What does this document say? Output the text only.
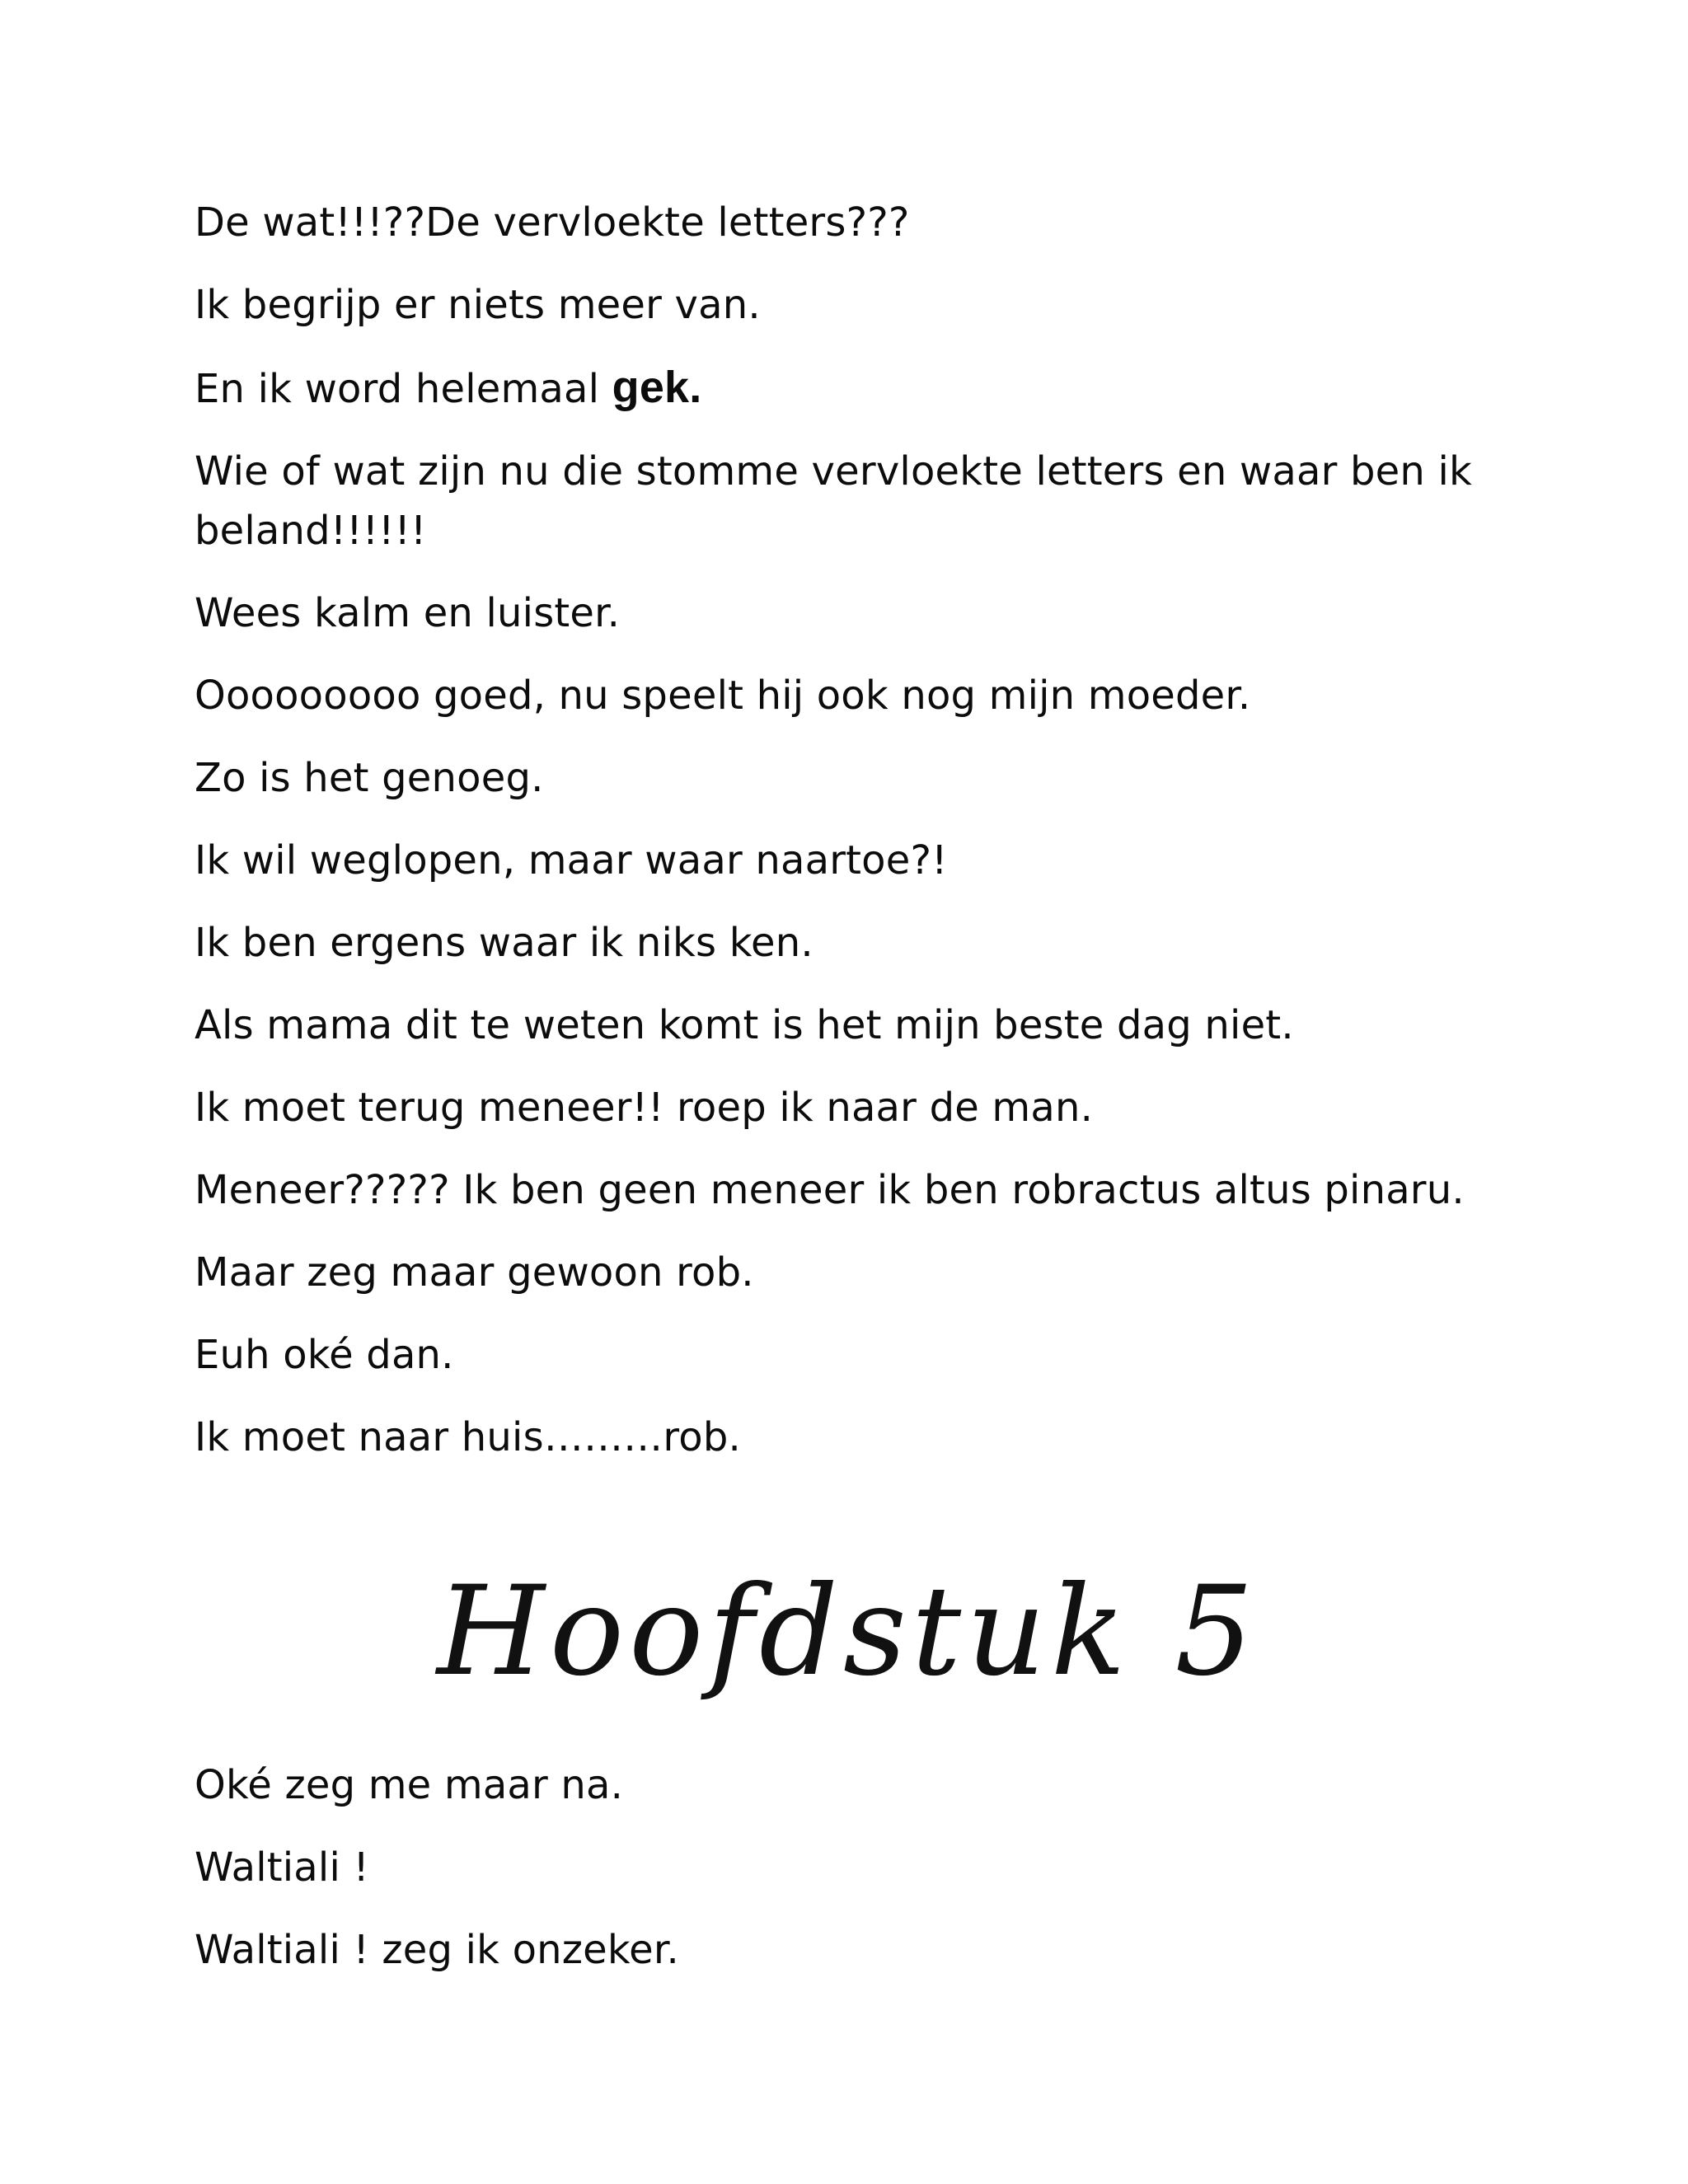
De wat!!!??De vervloekte letters???

Ik begrijp er niets meer van.

En ik word helemaal gek.

Wie of wat zijn nu die stomme vervloekte letters en waar ben ik beland!!!!!!

Wees kalm en luister.

Ooooooooo goed, nu speelt hij ook nog mijn moeder.

Zo is het genoeg.

Ik wil weglopen, maar waar naartoe?!

Ik ben ergens waar ik niks ken.

Als mama dit te weten komt is het mijn beste dag niet.

Ik moet terug meneer!! roep ik naar de man.

Meneer????? Ik ben geen meneer ik ben robractus altus pinaru.

Maar zeg maar gewoon rob.

Euh oké dan.

Ik moet naar huis………rob.

Hoofdstuk 5

Oké zeg me maar na.

Waltiali !

Waltiali ! zeg ik onzeker.
